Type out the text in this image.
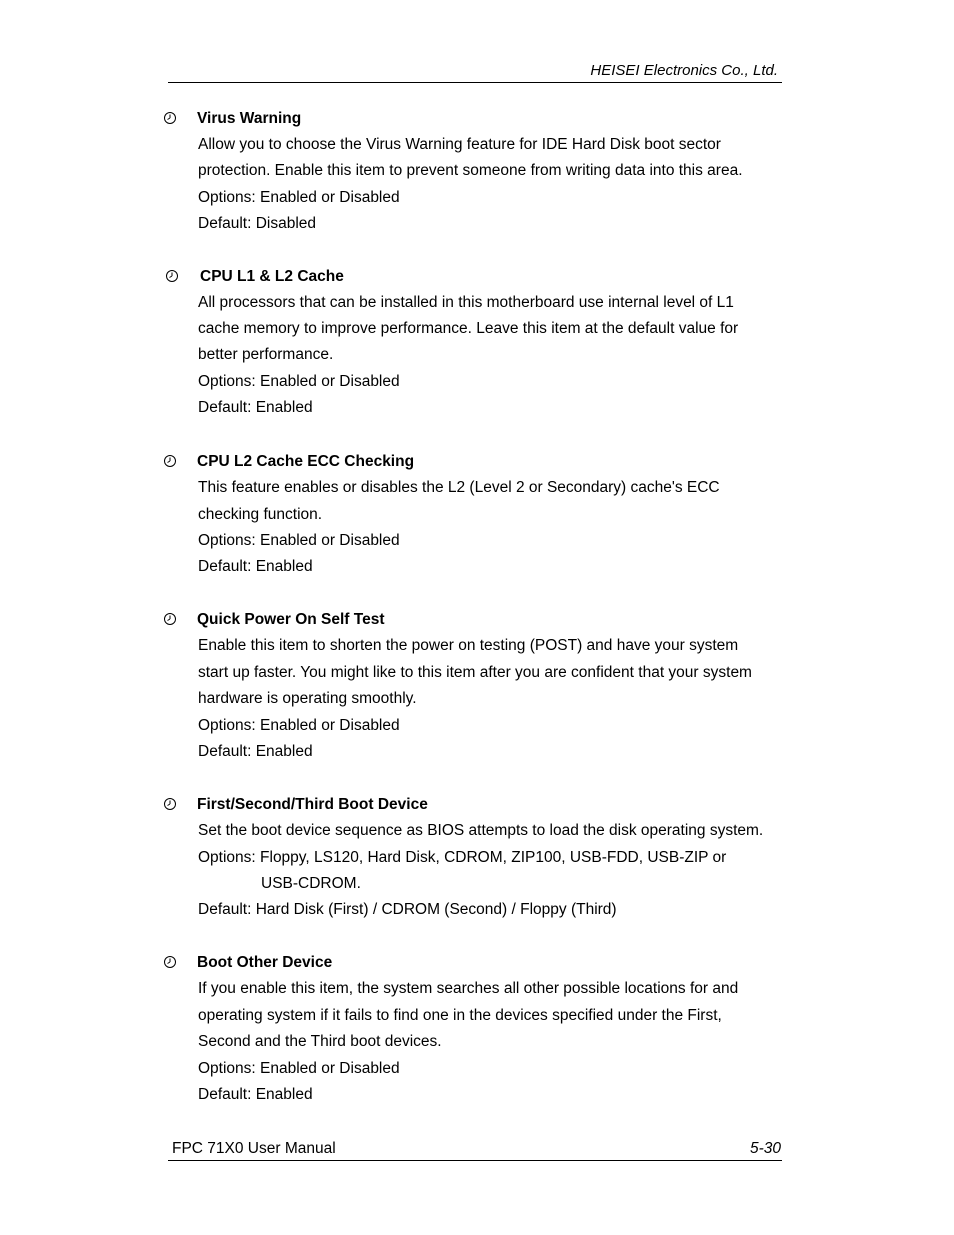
HEISEI Electronics Co., Ltd.
Virus Warning
Allow you to choose the Virus Warning feature for IDE Hard Disk boot sector
protection. Enable this item to prevent someone from writing data into this area.
Options: Enabled or Disabled
Default: Disabled
CPU L1 & L2 Cache
All processors that can be installed in this motherboard use internal level of L1
cache memory to improve performance. Leave this item at the default value for
better performance.
Options: Enabled or Disabled
Default: Enabled
CPU L2 Cache ECC Checking
This feature enables or disables the L2 (Level 2 or Secondary) cache's ECC
checking function.
Options: Enabled or Disabled
Default: Enabled
Quick Power On Self Test
Enable this item to shorten the power on testing (POST) and have your system
start up faster. You might like to this item after you are confident that your system
hardware is operating smoothly.
Options: Enabled or Disabled
Default: Enabled
First/Second/Third Boot Device
Set the boot device sequence as BIOS attempts to load the disk operating system.
Options: Floppy, LS120, Hard Disk, CDROM, ZIP100, USB-FDD, USB-ZIP or
USB-CDROM.
Default: Hard Disk (First) / CDROM (Second) / Floppy (Third)
Boot Other Device
If you enable this item, the system searches all other possible locations for and
operating system if it fails to find one in the devices specified under the First,
Second and the Third boot devices.
Options: Enabled or Disabled
Default: Enabled
FPC 71X0 User Manual	5-30
